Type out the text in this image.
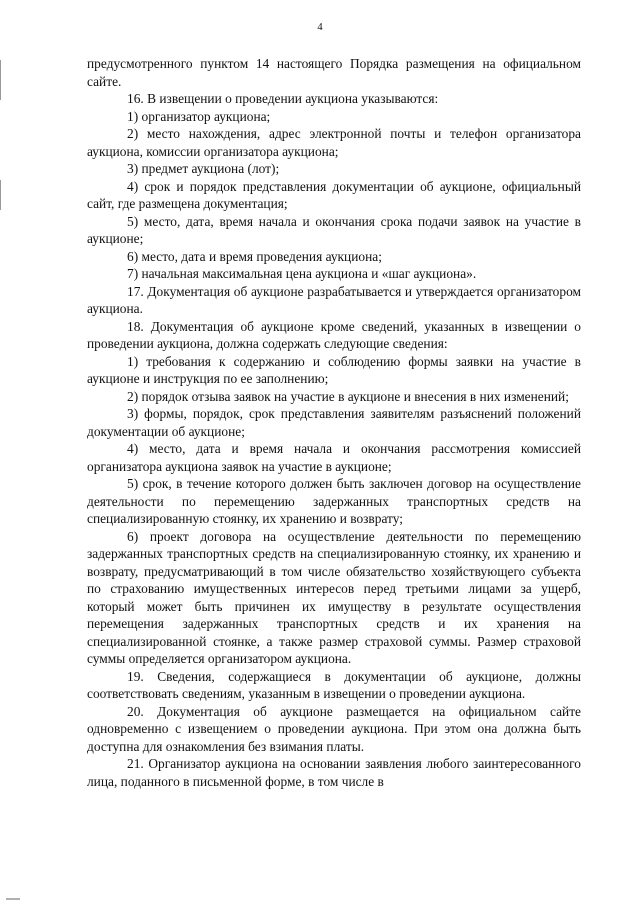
4

предусмотренного пунктом 14 настоящего Порядка размещения на официальном сайте.

16. В извещении о проведении аукциона указываются:

1) организатор аукциона;

2) место нахождения, адрес электронной почты и телефон организатора аукциона, комиссии организатора аукциона;

3) предмет аукциона (лот);

4) срок и порядок представления документации об аукционе, официальный сайт, где размещена документация;

5) место, дата, время начала и окончания срока подачи заявок на участие в аукционе;

6) место, дата и время проведения аукциона;

7) начальная максимальная цена аукциона и «шаг аукциона».

17. Документация об аукционе разрабатывается и утверждается организатором аукциона.

18. Документация об аукционе кроме сведений, указанных в извещении о проведении аукциона, должна содержать следующие сведения:

1) требования к содержанию и соблюдению формы заявки на участие в аукционе и инструкция по ее заполнению;

2) порядок отзыва заявок на участие в аукционе и внесения в них изменений;

3) формы, порядок, срок представления заявителям разъяснений положений документации об аукционе;

4) место, дата и время начала и окончания рассмотрения комиссией организатора аукциона заявок на участие в аукционе;

5) срок, в течение которого должен быть заключен договор на осуществление деятельности по перемещению задержанных транспортных средств на специализированную стоянку, их хранению и возврату;

6) проект договора на осуществление деятельности по перемещению задержанных транспортных средств на специализированную стоянку, их хранению и возврату, предусматривающий в том числе обязательство хозяйствующего субъекта по страхованию имущественных интересов перед третьими лицами за ущерб, который может быть причинен их имуществу в результате осуществления перемещения задержанных транспортных средств и их хранения на специализированной стоянке, а также размер страховой суммы. Размер страховой суммы определяется организатором аукциона.

19. Сведения, содержащиеся в документации об аукционе, должны соответствовать сведениям, указанным в извещении о проведении аукциона.

20. Документация об аукционе размещается на официальном сайте одновременно с извещением о проведении аукциона. При этом она должна быть доступна для ознакомления без взимания платы.

21. Организатор аукциона на основании заявления любого заинтересованного лица, поданного в письменной форме, в том числе в
